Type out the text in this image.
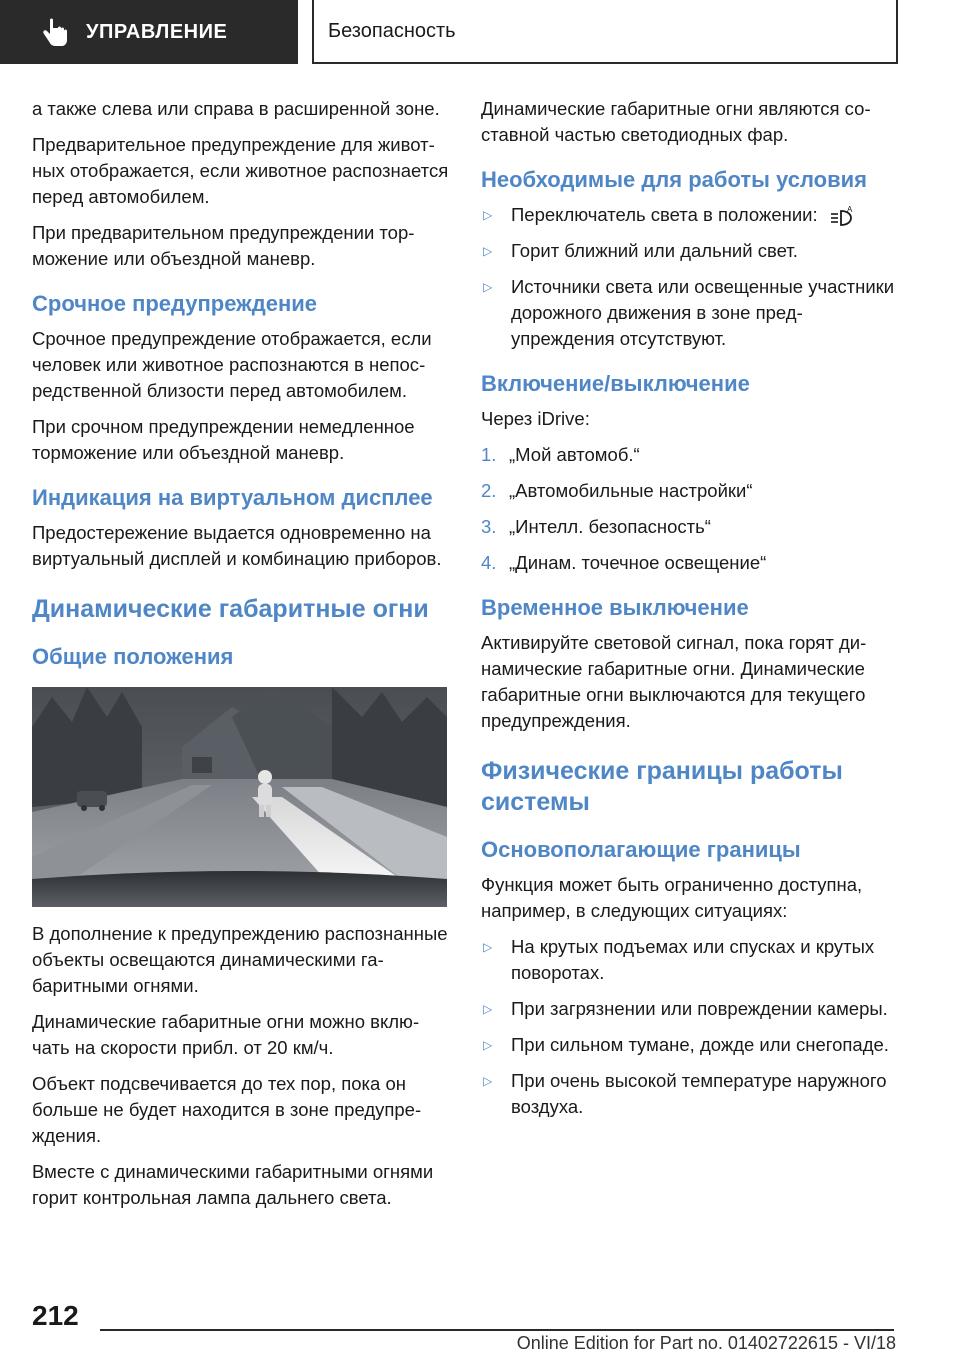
УПРАВЛЕНИЕ	Безопасность

а также слева или справа в расширенной зоне.

Предварительное предупреждение для животных отображается, если животное распознается перед автомобилем.

При предварительном предупреждении торможение или объездной маневр.

Срочное предупреждение

Срочное предупреждение отображается, если человек или животное распознаются в непосредственной близости перед автомобилем.

При срочном предупреждении немедленное торможение или объездной маневр.

Индикация на виртуальном дисплее

Предостережение выдается одновременно на виртуальный дисплей и комбинацию приборов.

Динамические габаритные огни
Общие положения

В дополнение к предупреждению распознанные объекты освещаются динамическими габаритными огнями.

Динамические габаритные огни можно включать на скорости прибл. от 20 км/ч.

Объект подсвечивается до тех пор, пока он больше не будет находится в зоне предупреждения.

Вместе с динамическими габаритными огнями горит контрольная лампа дальнего света.

Динамические габаритные огни являются составной частью светодиодных фар.

Необходимые для работы условия
▷	Переключатель света в положении:	A
▷	Горит ближний или дальний свет.
▷	Источники света или освещенные участники дорожного движения в зоне предупреждения отсутствуют.
Включение/выключение

Через iDrive:

1. „Мой автомоб.“
2. „Автомобильные настройки“
3. „Интелл. безопасность“
4. „Динам. точечное освещение“
Временное выключение

Активируйте световой сигнал, пока горят динамические габаритные огни. Динамические габаритные огни выключаются для текущего предупреждения.

Физические границы работы системы
Основополагающие границы

Функция может быть ограниченно доступна, например, в следующих ситуациях:

▷	На крутых подъемах или спусках и крутых поворотах.
▷	При загрязнении или повреждении камеры.
▷	При сильном тумане, дожде или снегопаде.
▷	При очень высокой температуре наружного воздуха.
212
Online Edition for Part no. 01402722615 - VI/18
